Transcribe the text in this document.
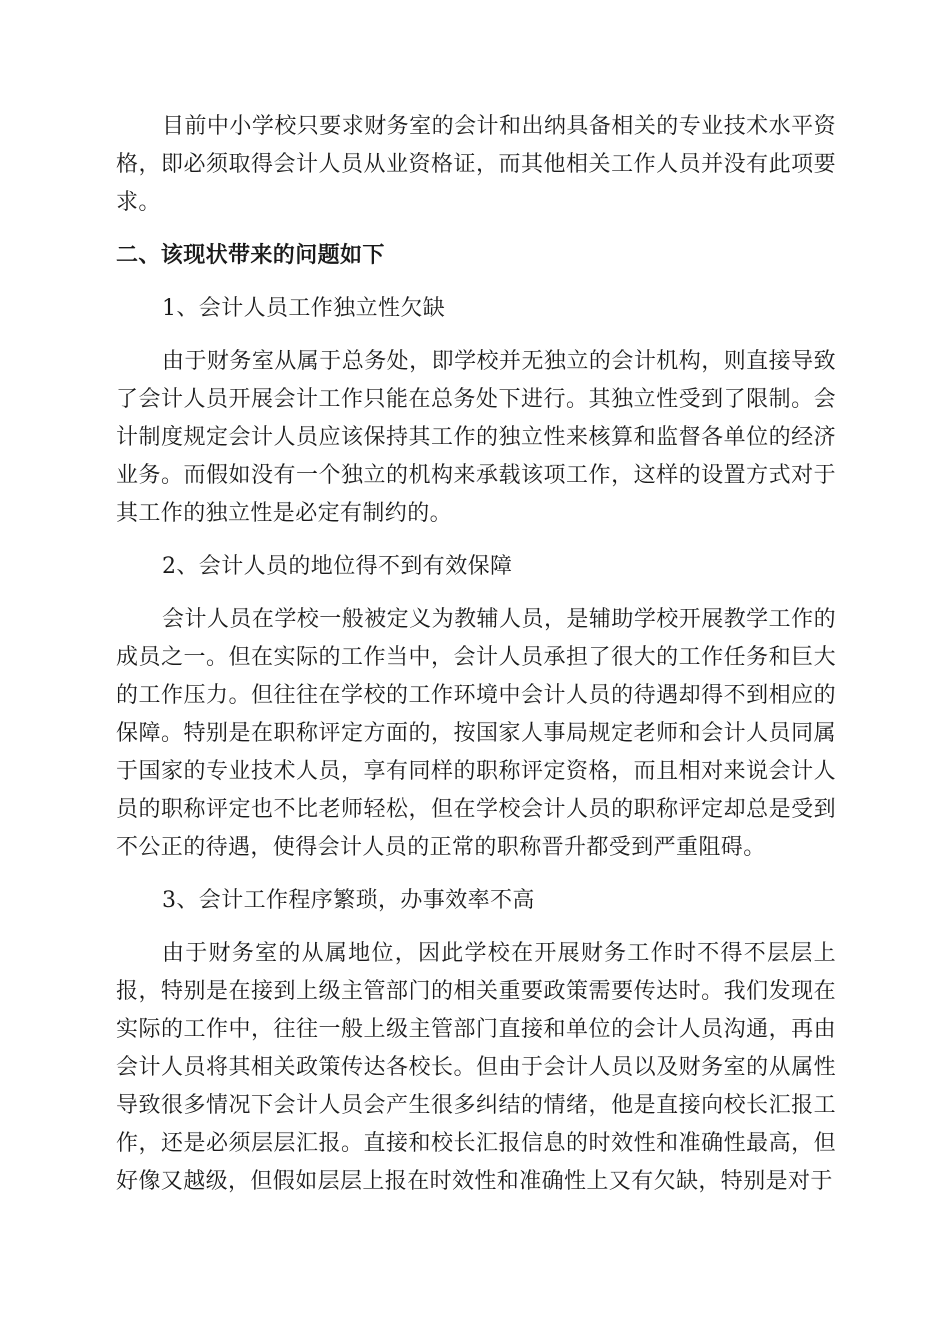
目前中小学校只要求财务室的会计和出纳具备相关的专业技术水平资格，即必须取得会计人员从业资格证，而其他相关工作人员并没有此项要求。

二、该现状带来的问题如下

1、会计人员工作独立性欠缺

由于财务室从属于总务处，即学校并无独立的会计机构，则直接导致了会计人员开展会计工作只能在总务处下进行。其独立性受到了限制。会计制度规定会计人员应该保持其工作的独立性来核算和监督各单位的经济业务。而假如没有一个独立的机构来承载该项工作，这样的设置方式对于其工作的独立性是必定有制约的。

2、会计人员的地位得不到有效保障

会计人员在学校一般被定义为教辅人员，是辅助学校开展教学工作的成员之一。但在实际的工作当中，会计人员承担了很大的工作任务和巨大的工作压力。但往往在学校的工作环境中会计人员的待遇却得不到相应的保障。特别是在职称评定方面的，按国家人事局规定老师和会计人员同属于国家的专业技术人员，享有同样的职称评定资格，而且相对来说会计人员的职称评定也不比老师轻松，但在学校会计人员的职称评定却总是受到不公正的待遇，使得会计人员的正常的职称晋升都受到严重阻碍。

3、会计工作程序繁琐，办事效率不高

由于财务室的从属地位，因此学校在开展财务工作时不得不层层上报，特别是在接到上级主管部门的相关重要政策需要传达时。我们发现在实际的工作中，往往一般上级主管部门直接和单位的会计人员沟通，再由会计人员将其相关政策传达各校长。但由于会计人员以及财务室的从属性导致很多情况下会计人员会产生很多纠结的情绪，他是直接向校长汇报工作，还是必须层层汇报。直接和校长汇报信息的时效性和准确性最高，但好像又越级，但假如层层上报在时效性和准确性上又有欠缺，特别是对于
